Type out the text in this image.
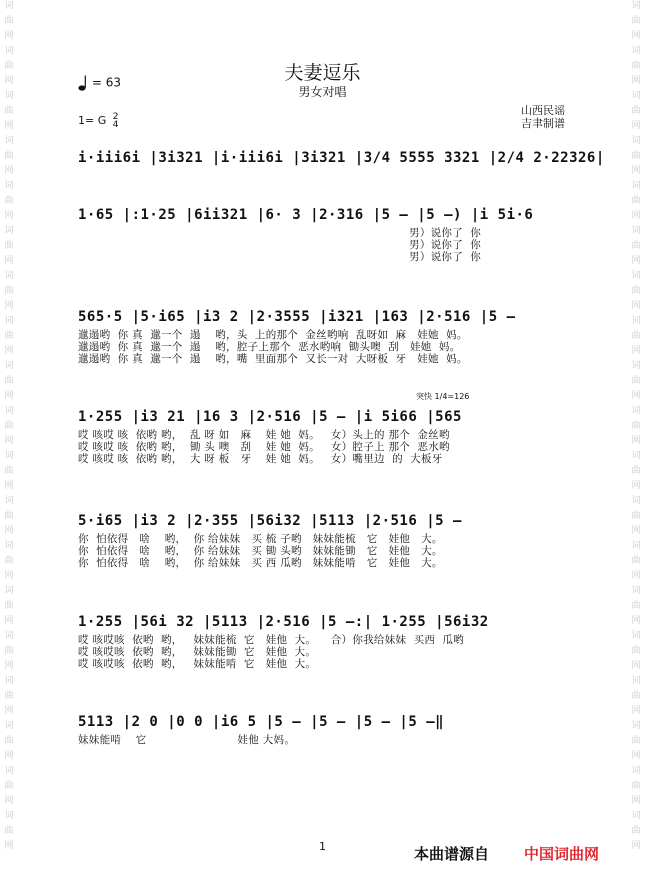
词
曲
网
词
曲
网
词
曲
网
词
曲
网
词
曲
网
词
曲
网
词
曲
网
词
曲
网
词
曲
网
词
曲
网
词
曲
网
词
曲
网
词
曲
网
词
曲
网
词
曲
网
词
曲
网
词
曲
网
词
曲
网
词
曲
网
词
曲
网
词
曲
网
词
曲
网
词
曲
网
词
曲
网
词
曲
网
词
曲
网
词
曲
网
词
曲
网
词
曲
网
词
曲
网
词
曲
网
词
曲
网
词
曲
网
词
曲
网
词
曲
网
词
曲
网
词
曲
网
词
曲
网
夫妻逗乐
男女对唱
= 63
1= G 2
4
山西民谣
吉聿制谱
i·iii6i |3i321 |i·iii6i |3i321 |3/4 5555 3321 |2/4 2·22326|
1·65 |:1·25 |6ii321 |6· 3 |2·316 |5 — |5 —) |i 5i·6
男）说你了  你
男）说你了  你
男）说你了  你
565·5 |5·i65 |i3 2 |2·3555 |i321 |163 |2·516 |5 —
邋遢哟  你 真  邋一个  遢    哟，头  上的那个  金丝哟响  乱呀如  麻   娃她  妈。
邋遢哟  你 真  邋一个  遢    哟，腔子上那个  恶水哟响  锄头噢  刮   娃她  妈。
邋遢哟  你 真  邋一个  遢    哟，嘴  里面那个  又长一对  大呀板  牙   娃她  妈。
突快 1/4=126
1·255 |i3 21 |16 3 |2·516 |5 — |i 5i66 |565
哎 咳哎 咳  依哟 哟，  乱 呀 如   麻    娃 她  妈。   女）头上的 那个  金丝哟
哎 咳哎 咳  依哟 哟，  锄 头 噢   刮    娃 她  妈。   女）腔子上 那个  恶水哟
哎 咳哎 咳  依哟 哟，  大 呀 板   牙    娃 她  妈。   女）嘴里边  的  大板牙
5·i65 |i3 2 |2·355 |56i32 |5113 |2·516 |5 —
你  怕依得   啥    哟，  你 给妹妹   买 梳 子哟   妹妹能梳   它   娃他   大。
你  怕依得   啥    哟，  你 给妹妹   买 锄 头哟   妹妹能锄   它   娃他   大。
你  怕依得   啥    哟，  你 给妹妹   买 西 瓜哟   妹妹能啃   它   娃他   大。
1·255 |56i 32 |5113 |2·516 |5 —:| 1·255 |56i32
哎 咳哎咳  依哟  哟，   妹妹能梳  它   娃他  大。    合）你我给妹妹  买西  瓜哟
哎 咳哎咳  依哟  哟，   妹妹能锄  它   娃他  大。
哎 咳哎咳  依哟  哟，   妹妹能啃  它   娃他  大。
5113 |2 0 |0 0 |i6 5 |5 — |5 — |5 — |5 —‖
妹妹能啃    它                         娃他 大妈。
1	本曲谱源自 中国词曲网
